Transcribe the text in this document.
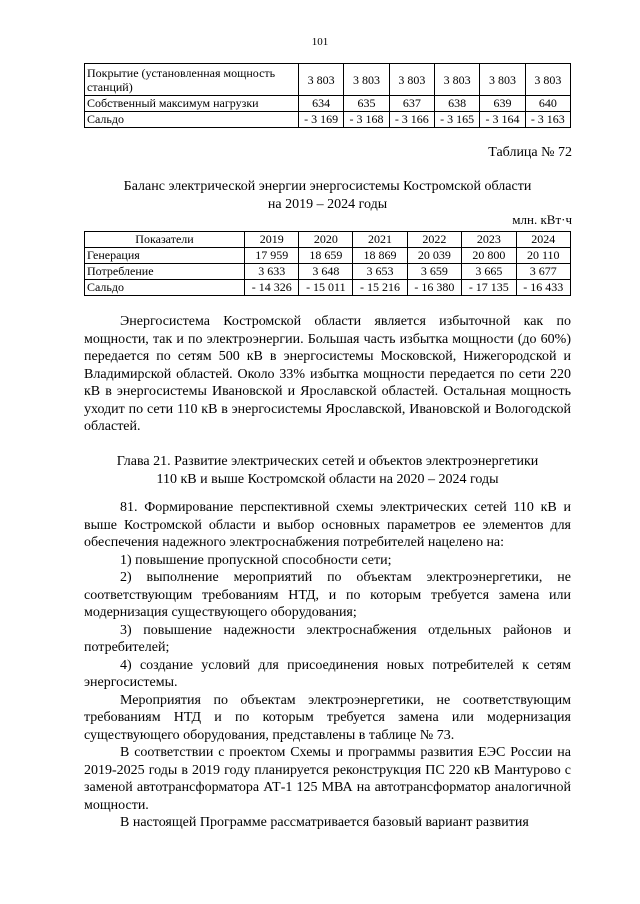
101
Покрытие (установленная мощность станций)	3 803	3 803	3 803	3 803	3 803	3 803
Собственный максимум нагрузки	634	635	637	638	639	640
Сальдо	- 3 169	- 3 168	- 3 166	- 3 165	- 3 164	- 3 163
Таблица № 72
Баланс электрической энергии энергосистемы Костромской области
на 2019 – 2024 годы
млн. кВт·ч
Показатели	2019	2020	2021	2022	2023	2024
Генерация	17 959	18 659	18 869	20 039	20 800	20 110
Потребление	3 633	3 648	3 653	3 659	3 665	3 677
Сальдо	- 14 326	- 15 011	- 15 216	- 16 380	- 17 135	- 16 433

Энергосистема Костромской области является избыточной как по мощности, так и по электроэнергии. Большая часть избытка мощности (до 60%) передается по сетям 500 кВ в энергосистемы Московской, Нижегородской и Владимирской областей. Около 33% избытка мощности передается по сети 220 кВ в энергосистемы Ивановской и Ярославской областей. Остальная мощность уходит по сети 110 кВ в энергосистемы Ярославской, Ивановской и Вологодской областей.

Глава 21. Развитие электрических сетей и объектов электроэнергетики
110 кВ и выше Костромской области на 2020 – 2024 годы

81. Формирование перспективной схемы электрических сетей 110 кВ и выше Костромской области и выбор основных параметров ее элементов для обеспечения надежного электроснабжения потребителей нацелено на:

1) повышение пропускной способности сети;

2) выполнение мероприятий по объектам электроэнергетики, не соответствующим требованиям НТД, и по которым требуется замена или модернизация существующего оборудования;

3) повышение надежности электроснабжения отдельных районов и потребителей;

4) создание условий для присоединения новых потребителей к сетям энергосистемы.

Мероприятия по объектам электроэнергетики, не соответствующим требованиям НТД и по которым требуется замена или модернизация существующего оборудования, представлены в таблице № 73.

В соответствии с проектом Схемы и программы развития ЕЭС России на 2019‑2025 годы в 2019 году планируется реконструкция ПС 220 кВ Мантурово с заменой автотрансформатора АТ‑1 125 МВА на автотрансформатор аналогичной мощности.

В настоящей Программе рассматривается базовый вариант развития
